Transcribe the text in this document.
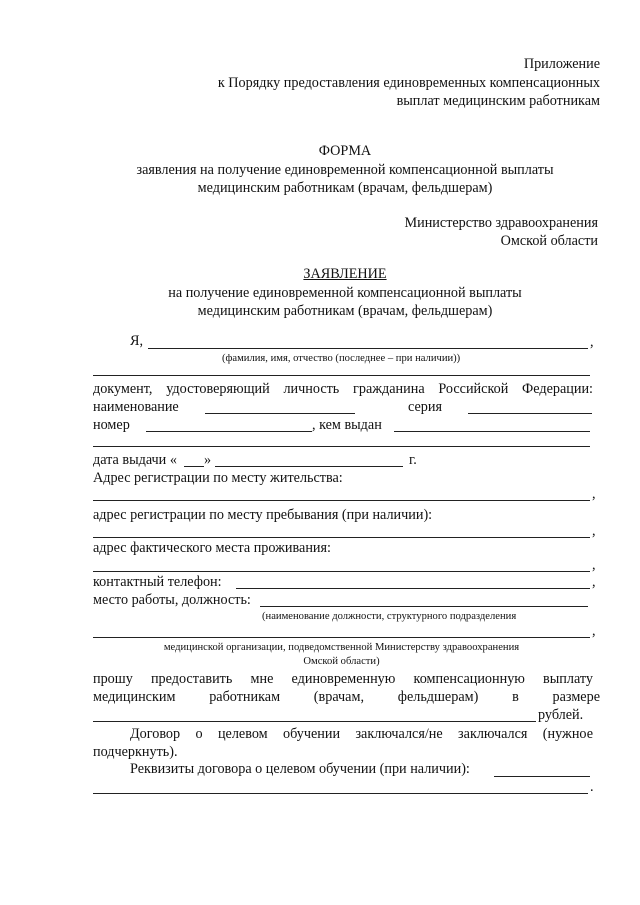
Приложение
к Порядку предоставления единовременных компенсационных
выплат медицинским работникам
ФОРМА
заявления на получение единовременной компенсационной выплаты
медицинским работникам (врачам, фельдшерам)
Министерство здравоохранения
Омской области
ЗАЯВЛЕНИЕ
на получение единовременной компенсационной выплаты
медицинским работникам (врачам, фельдшерам)
Я,	,
(фамилия, имя, отчество (последнее – при наличии))
документ, удостоверяющий личность гражданина Российской Федерации:
наименование	серия
номер	, кем выдан
дата выдачи « »	г.
Адрес регистрации по месту жительства:
,
адрес регистрации по месту пребывания (при наличии):
,
адрес фактического места проживания:
,
контактный телефон:	,
место работы, должность:
(наименование должности, структурного подразделения
,
медицинской организации, подведомственной Министерству здравоохранения
Омской области)
прошу предоставить мне единовременную компенсационную выплату
медицинским работникам (врачам, фельдшерам) в размере
рублей.
Договор о целевом обучении заключался/не заключался (нужное
подчеркнуть).
Реквизиты договора о целевом обучении (при наличии):
.
